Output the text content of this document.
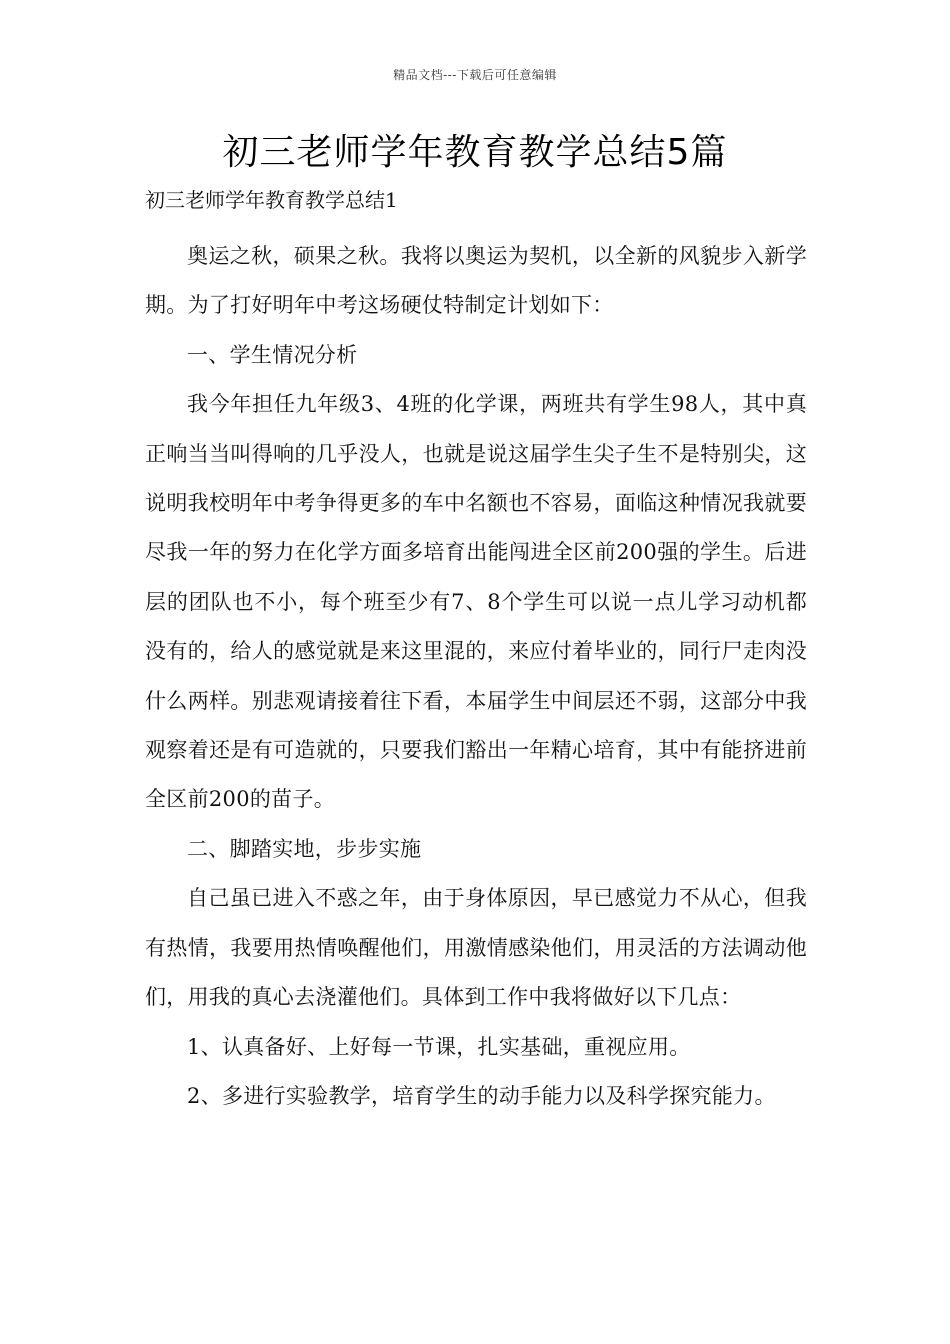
精品文档---下载后可任意编辑
初三老师学年教育教学总结5篇

初三老师学年教育教学总结1

奥运之秋，硕果之秋。我将以奥运为契机，以全新的风貌步入新学期。为了打好明年中考这场硬仗特制定计划如下：

一、学生情况分析

我今年担任九年级3、4班的化学课，两班共有学生98人，其中真正响当当叫得响的几乎没人，也就是说这届学生尖子生不是特别尖，这说明我校明年中考争得更多的车中名额也不容易，面临这种情况我就要尽我一年的努力在化学方面多培育出能闯进全区前200强的学生。后进层的团队也不小，每个班至少有7、8个学生可以说一点儿学习动机都没有的，给人的感觉就是来这里混的，来应付着毕业的，同行尸走肉没什么两样。别悲观请接着往下看，本届学生中间层还不弱，这部分中我观察着还是有可造就的，只要我们豁出一年精心培育，其中有能挤进前全区前200的苗子。

二、脚踏实地，步步实施

自己虽已进入不惑之年，由于身体原因，早已感觉力不从心，但我有热情，我要用热情唤醒他们，用激情感染他们，用灵活的方法调动他们，用我的真心去浇灌他们。具体到工作中我将做好以下几点：

1、认真备好、上好每一节课，扎实基础，重视应用。

2、多进行实验教学，培育学生的动手能力以及科学探究能力。
